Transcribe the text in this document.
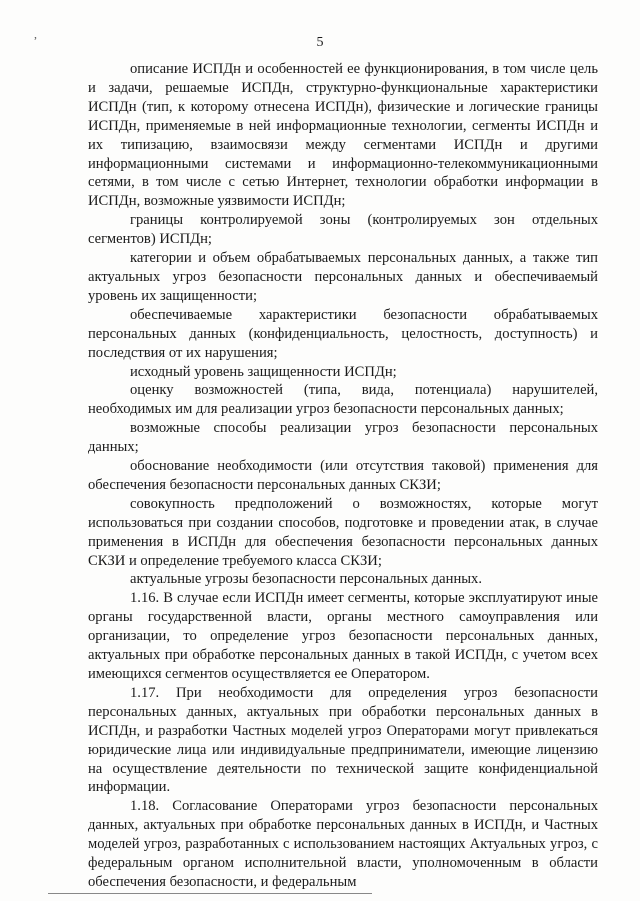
,
5

описание ИСПДн и особенностей ее функционирования, в том числе цель и задачи, решаемые ИСПДн, структурно-функциональные характеристики ИСПДн (тип, к которому отнесена ИСПДн), физические и логические границы ИСПДн, применяемые в ней информационные технологии, сегменты ИСПДн и их типизацию, взаимосвязи между сегментами ИСПДн и другими информационными системами и информационно-телекоммуникационными сетями, в том числе с сетью Интернет, технологии обработки информации в ИСПДн, возможные уязвимости ИСПДн;

границы контролируемой зоны (контролируемых зон отдельных сегментов) ИСПДн;

категории и объем обрабатываемых персональных данных, а также тип актуальных угроз безопасности персональных данных и обеспечиваемый уровень их защищенности;

обеспечиваемые характеристики безопасности обрабатываемых персональных данных (конфиденциальность, целостность, доступность) и последствия от их нарушения;

исходный уровень защищенности ИСПДн;

оценку возможностей (типа, вида, потенциала) нарушителей, необходимых им для реализации угроз безопасности персональных данных;

возможные способы реализации угроз безопасности персональных данных;

обоснование необходимости (или отсутствия таковой) применения для обеспечения безопасности персональных данных СКЗИ;

совокупность предположений о возможностях, которые могут использоваться при создании способов, подготовке и проведении атак, в случае применения в ИСПДн для обеспечения безопасности персональных данных СКЗИ и определение требуемого класса СКЗИ;

актуальные угрозы безопасности персональных данных.

1.16. В случае если ИСПДн имеет сегменты, которые эксплуатируют иные органы государственной власти, органы местного самоуправления или организации, то определение угроз безопасности персональных данных, актуальных при обработке персональных данных в такой ИСПДн, с учетом всех имеющихся сегментов осуществляется ее Оператором.

1.17. При необходимости для определения угроз безопасности персональных данных, актуальных при обработки персональных данных в ИСПДн, и разработки Частных моделей угроз Операторами могут привлекаться юридические лица или индивидуальные предприниматели, имеющие лицензию на осуществление деятельности по технической защите конфиденциальной информации.

1.18. Согласование Операторами угроз безопасности персональных данных, актуальных при обработке персональных данных в ИСПДн, и Частных моделей угроз, разработанных с использованием настоящих Актуальных угроз, с федеральным органом исполнительной власти, уполномоченным в области обеспечения безопасности, и федеральным
